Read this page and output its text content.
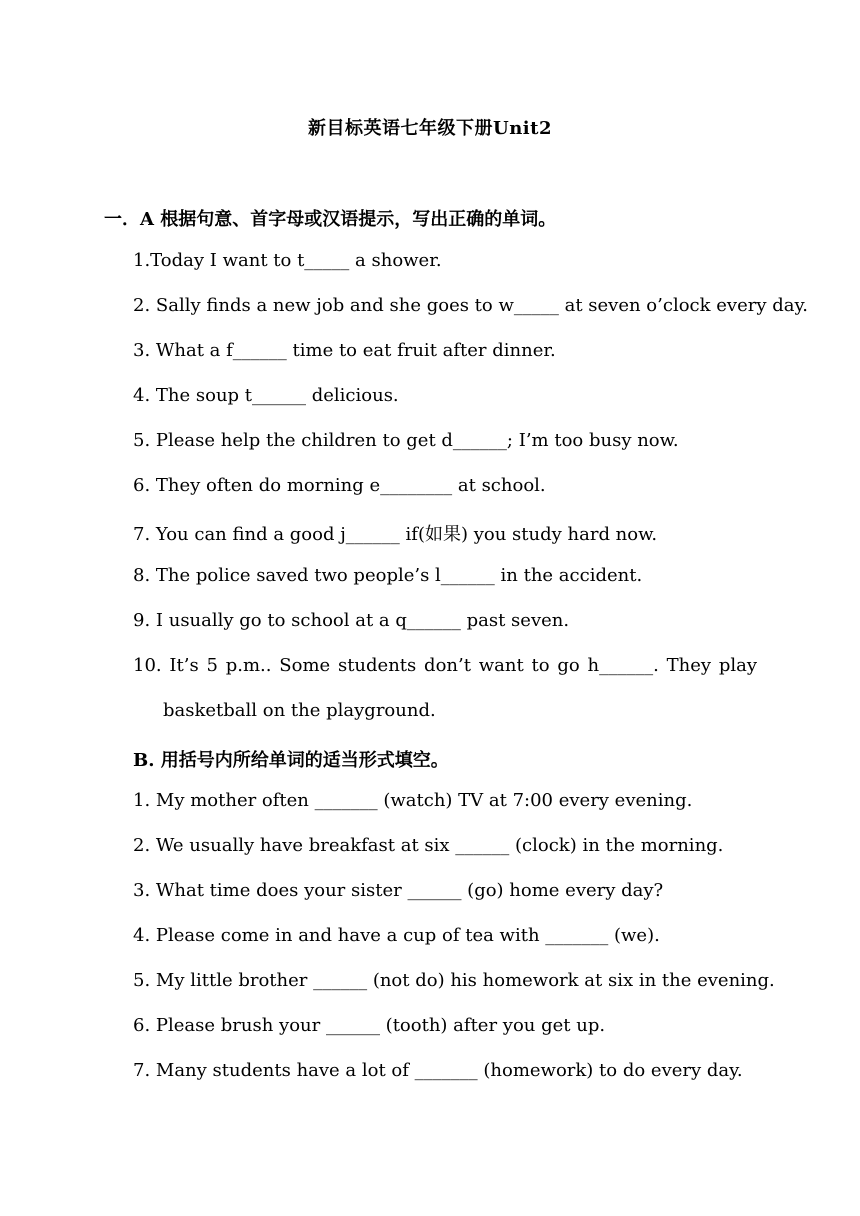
新目标英语七年级下册Unit2
一．A 根据句意、首字母或汉语提示，写出正确的单词。
1.Today I want to t_____ a shower.
2. Sally finds a new job and she goes to w_____ at seven o’clock every day.
3. What a f______ time to eat fruit after dinner.
4. The soup t______ delicious.
5. Please help the children to get d______; I’m too busy now.
6. They often do morning e________ at school.
7. You can find a good j______ if(如果) you study hard now.
8. The police saved two people’s l______ in the accident.
9. I usually go to school at a q______ past seven.
10. It’s 5 p.m.. Some students don’t want to go h______. They play
basketball on the playground.
B. 用括号内所给单词的适当形式填空。
1. My mother often _______ (watch) TV at 7:00 every evening.
2. We usually have breakfast at six ______ (clock) in the morning.
3. What time does your sister ______ (go) home every day?
4. Please come in and have a cup of tea with _______ (we).
5. My little brother ______ (not do) his homework at six in the evening.
6. Please brush your ______ (tooth) after you get up.
7. Many students have a lot of _______ (homework) to do every day.
